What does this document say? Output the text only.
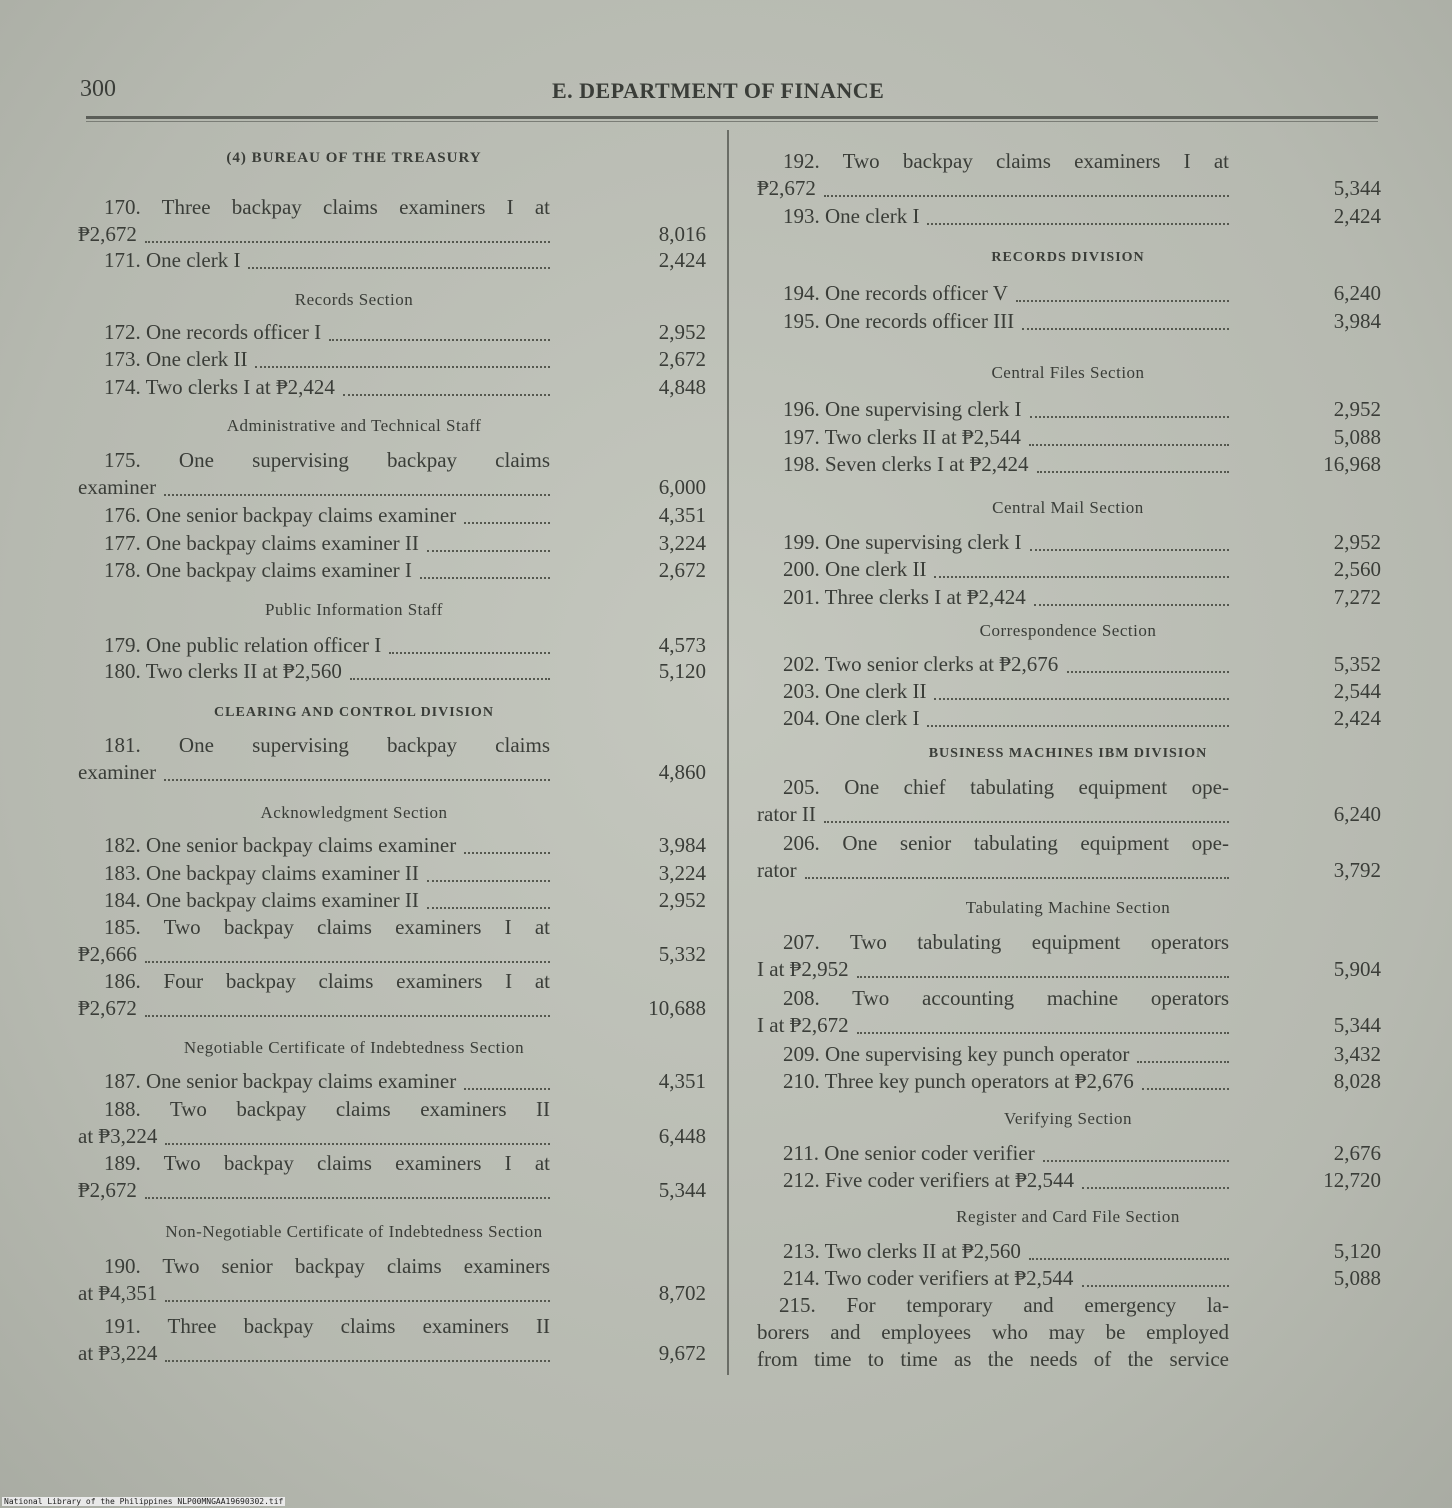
300	E. DEPARTMENT OF FINANCE
(4) BUREAU OF THE TREASURY
170. Three backpay claims examiners I at
₱2,672	8,016
171. One clerk I	2,424
Records Section
172. One records officer I	2,952
173. One clerk II	2,672
174. Two clerks I at ₱2,424	4,848
Administrative and Technical Staff
175. One supervising backpay claims
examiner	6,000
176. One senior backpay claims examiner	4,351
177. One backpay claims examiner II	3,224
178. One backpay claims examiner I	2,672
Public Information Staff
179. One public relation officer I	4,573
180. Two clerks II at ₱2,560	5,120
CLEARING AND CONTROL DIVISION
181. One supervising backpay claims
examiner	4,860
Acknowledgment Section
182. One senior backpay claims examiner	3,984
183. One backpay claims examiner II	3,224
184. One backpay claims examiner II	2,952
185. Two backpay claims examiners I at
₱2,666	5,332
186. Four backpay claims examiners I at
₱2,672	10,688
Negotiable Certificate of Indebtedness Section
187. One senior backpay claims examiner	4,351
188. Two backpay claims examiners II
at ₱3,224	6,448
189. Two backpay claims examiners I at
₱2,672	5,344
Non-Negotiable Certificate of Indebtedness Section
190. Two senior backpay claims examiners
at ₱4,351	8,702
191. Three backpay claims examiners II
at ₱3,224	9,672
192. Two backpay claims examiners I at
₱2,672	5,344
193. One clerk I	2,424
RECORDS DIVISION
194. One records officer V	6,240
195. One records officer III	3,984
Central Files Section
196. One supervising clerk I	2,952
197. Two clerks II at ₱2,544	5,088
198. Seven clerks I at ₱2,424	16,968
Central Mail Section
199. One supervising clerk I	2,952
200. One clerk II	2,560
201. Three clerks I at ₱2,424	7,272
Correspondence Section
202. Two senior clerks at ₱2,676	5,352
203. One clerk II	2,544
204. One clerk I	2,424
BUSINESS MACHINES IBM DIVISION
205. One chief tabulating equipment ope-
rator II	6,240
206. One senior tabulating equipment ope-
rator	3,792
Tabulating Machine Section
207. Two tabulating equipment operators
I at ₱2,952	5,904
208. Two accounting machine operators
I at ₱2,672	5,344
209. One supervising key punch operator	3,432
210. Three key punch operators at ₱2,676	8,028
Verifying Section
211. One senior coder verifier	2,676
212. Five coder verifiers at ₱2,544	12,720
Register and Card File Section
213. Two clerks II at ₱2,560	5,120
214. Two coder verifiers at ₱2,544	5,088
215. For temporary and emergency la-
borers and employees who may be employed
from time to time as the needs of the service
National Library of the Philippines NLP00MNGAA19690302.tif
